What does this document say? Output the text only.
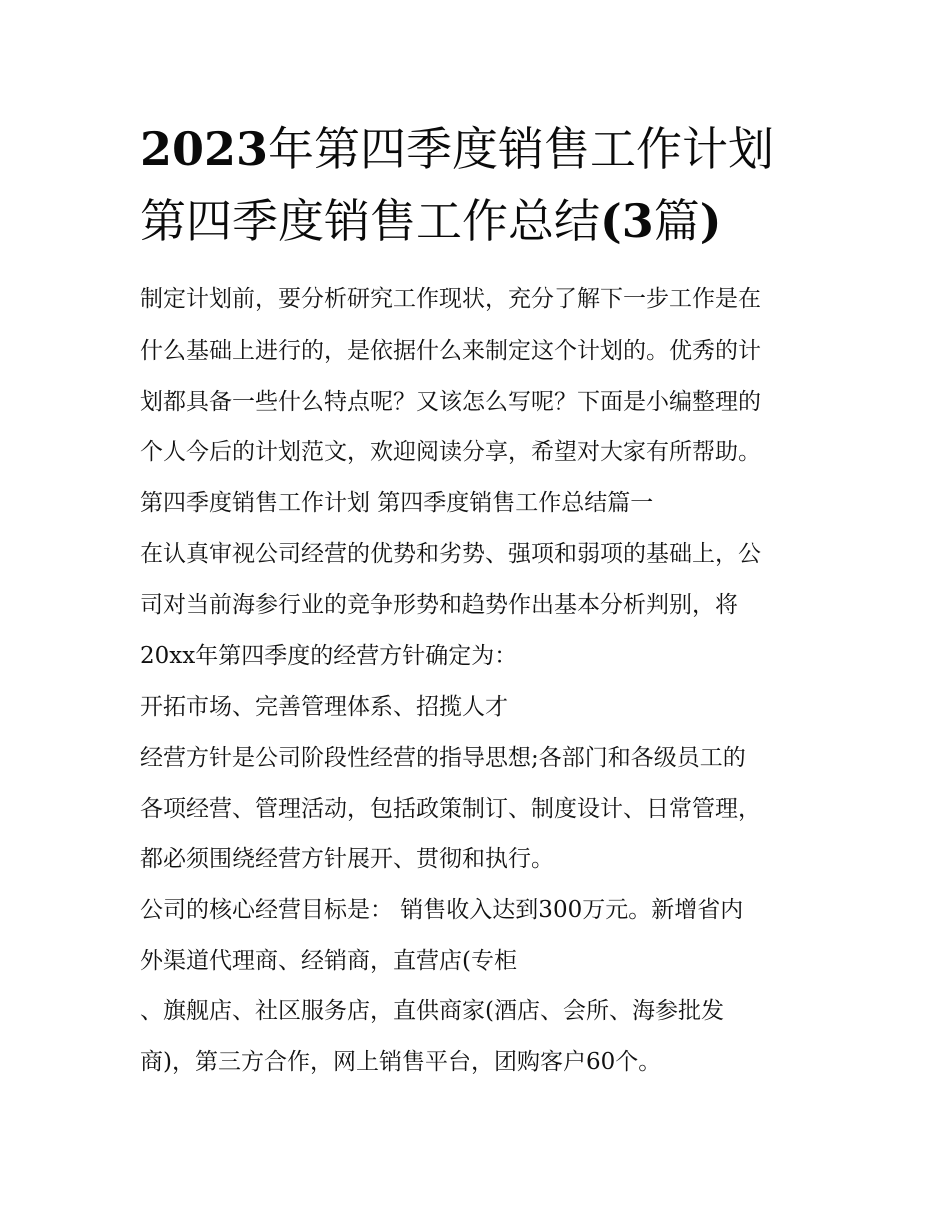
2023年第四季度销售工作计划
第四季度销售工作总结(3篇)

制定计划前，要分析研究工作现状，充分了解下一步工作是在

什么基础上进行的，是依据什么来制定这个计划的。优秀的计

划都具备一些什么特点呢？又该怎么写呢？下面是小编整理的

个人今后的计划范文，欢迎阅读分享，希望对大家有所帮助。

第四季度销售工作计划 第四季度销售工作总结篇一

在认真审视公司经营的优势和劣势、强项和弱项的基础上，公

司对当前海参行业的竞争形势和趋势作出基本分析判别，将

20xx年第四季度的经营方针确定为：

开拓市场、完善管理体系、招揽人才

经营方针是公司阶段性经营的指导思想;各部门和各级员工的

各项经营、管理活动，包括政策制订、制度设计、日常管理，

都必须围绕经营方针展开、贯彻和执行。

公司的核心经营目标是： 销售收入达到300万元。新增省内

外渠道代理商、经销商，直营店(专柜

、旗舰店、社区服务店，直供商家(酒店、会所、海参批发

商)，第三方合作，网上销售平台，团购客户60个。
